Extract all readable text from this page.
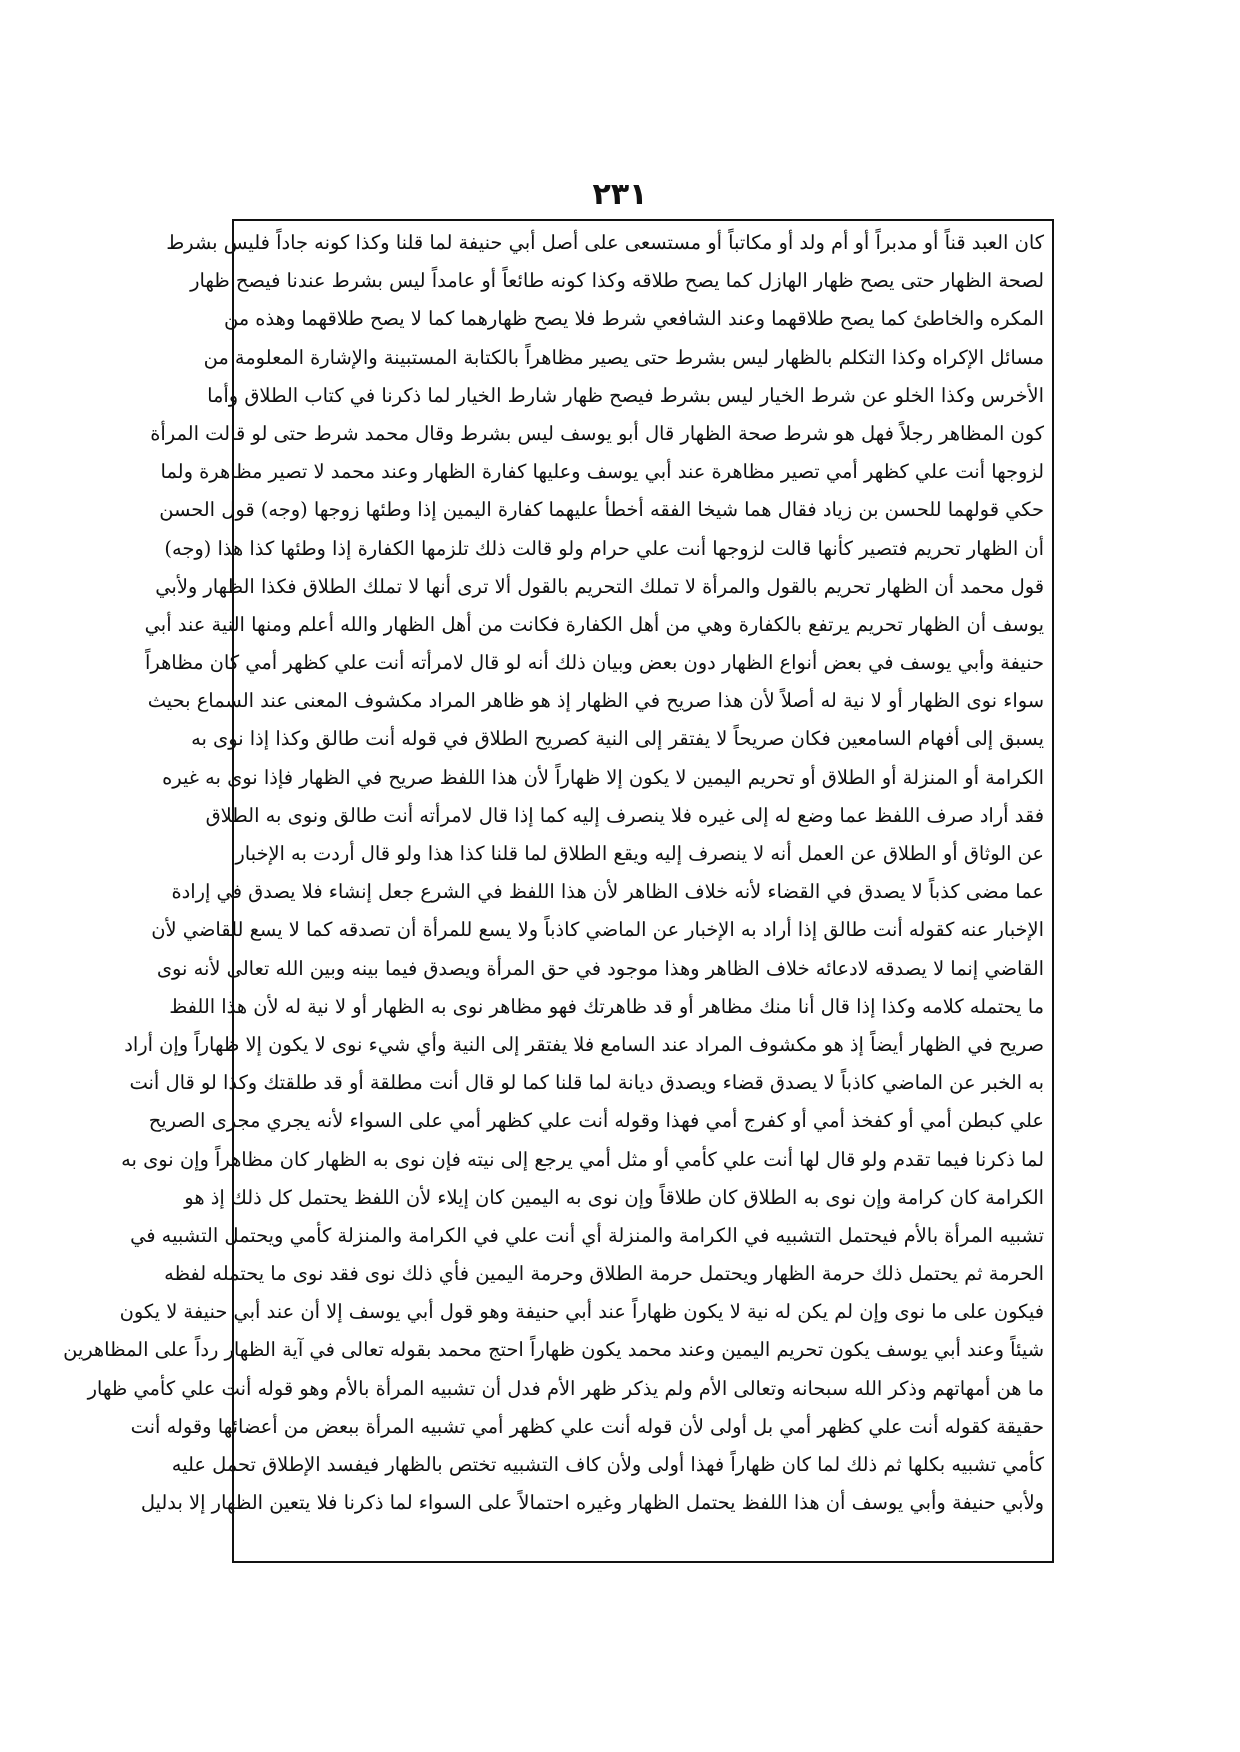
٢٣١
كان العبد قناً أو مدبراً أو أم ولد أو مكاتباً أو مستسعى على أصل أبي حنيفة لما قلنا وكذا كونه جاداً فليس بشرط
لصحة الظهار حتى يصح ظهار الهازل كما يصح طلاقه وكذا كونه طائعاً أو عامداً ليس بشرط عندنا فيصح ظهار
المكره والخاطئ كما يصح طلاقهما وعند الشافعي شرط فلا يصح ظهارهما كما لا يصح طلاقهما وهذه من
مسائل الإكراه وكذا التكلم بالظهار ليس بشرط حتى يصير مظاهراً بالكتابة المستبينة والإشارة المعلومة من
الأخرس وكذا الخلو عن شرط الخيار ليس بشرط فيصح ظهار شارط الخيار لما ذكرنا في كتاب الطلاق وأما
كون المظاهر رجلاً فهل هو شرط صحة الظهار قال أبو يوسف ليس بشرط وقال محمد شرط حتى لو قالت المرأة
لزوجها أنت علي كظهر أمي تصير مظاهرة عند أبي يوسف وعليها كفارة الظهار وعند محمد لا تصير مظاهرة ولما
حكي قولهما للحسن بن زياد فقال هما شيخا الفقه أخطأ عليهما كفارة اليمين إذا وطئها زوجها (وجه) قول الحسن
أن الظهار تحريم فتصير كأنها قالت لزوجها أنت علي حرام ولو قالت ذلك تلزمها الكفارة إذا وطئها كذا هذا (وجه)
قول محمد أن الظهار تحريم بالقول والمرأة لا تملك التحريم بالقول ألا ترى أنها لا تملك الطلاق فكذا الظهار ولأبي
يوسف أن الظهار تحريم يرتفع بالكفارة وهي من أهل الكفارة فكانت من أهل الظهار والله أعلم ومنها النية عند أبي
حنيفة وأبي يوسف في بعض أنواع الظهار دون بعض وبيان ذلك أنه لو قال لامرأته أنت علي كظهر أمي كان مظاهراً
سواء نوى الظهار أو لا نية له أصلاً لأن هذا صريح في الظهار إذ هو ظاهر المراد مكشوف المعنى عند السماع بحيث
يسبق إلى أفهام السامعين فكان صريحاً لا يفتقر إلى النية كصريح الطلاق في قوله أنت طالق وكذا إذا نوى به
الكرامة أو المنزلة أو الطلاق أو تحريم اليمين لا يكون إلا ظهاراً لأن هذا اللفظ صريح في الظهار فإذا نوى به غيره
فقد أراد صرف اللفظ عما وضع له إلى غيره فلا ينصرف إليه كما إذا قال لامرأته أنت طالق ونوى به الطلاق
عن الوثاق أو الطلاق عن العمل أنه لا ينصرف إليه ويقع الطلاق لما قلنا كذا هذا ولو قال أردت به الإخبار
عما مضى كذباً لا يصدق في القضاء لأنه خلاف الظاهر لأن هذا اللفظ في الشرع جعل إنشاء فلا يصدق في إرادة
الإخبار عنه كقوله أنت طالق إذا أراد به الإخبار عن الماضي كاذباً ولا يسع للمرأة أن تصدقه كما لا يسع للقاضي لأن
القاضي إنما لا يصدقه لادعائه خلاف الظاهر وهذا موجود في حق المرأة ويصدق فيما بينه وبين الله تعالى لأنه نوى
ما يحتمله كلامه وكذا إذا قال أنا منك مظاهر أو قد ظاهرتك فهو مظاهر نوى به الظهار أو لا نية له لأن هذا اللفظ
صريح في الظهار أيضاً إذ هو مكشوف المراد عند السامع فلا يفتقر إلى النية وأي شيء نوى لا يكون إلا ظهاراً وإن أراد
به الخبر عن الماضي كاذباً لا يصدق قضاء ويصدق ديانة لما قلنا كما لو قال أنت مطلقة أو قد طلقتك وكذا لو قال أنت
علي كبطن أمي أو كفخذ أمي أو كفرج أمي فهذا وقوله أنت علي كظهر أمي على السواء لأنه يجري مجرى الصريح
لما ذكرنا فيما تقدم ولو قال لها أنت علي كأمي أو مثل أمي يرجع إلى نيته فإن نوى به الظهار كان مظاهراً وإن نوى به
الكرامة كان كرامة وإن نوى به الطلاق كان طلاقاً وإن نوى به اليمين كان إيلاء لأن اللفظ يحتمل كل ذلك إذ هو
تشبيه المرأة بالأم فيحتمل التشبيه في الكرامة والمنزلة أي أنت علي في الكرامة والمنزلة كأمي ويحتمل التشبيه في
الحرمة ثم يحتمل ذلك حرمة الظهار ويحتمل حرمة الطلاق وحرمة اليمين فأي ذلك نوى فقد نوى ما يحتمله لفظه
فيكون على ما نوى وإن لم يكن له نية لا يكون ظهاراً عند أبي حنيفة وهو قول أبي يوسف إلا أن عند أبي حنيفة لا يكون
شيئاً وعند أبي يوسف يكون تحريم اليمين وعند محمد يكون ظهاراً احتج محمد بقوله تعالى في آية الظهار رداً على المظاهرين
ما هن أمهاتهم وذكر الله سبحانه وتعالى الأم ولم يذكر ظهر الأم فدل أن تشبيه المرأة بالأم وهو قوله أنت علي كأمي ظهار
حقيقة كقوله أنت علي كظهر أمي بل أولى لأن قوله أنت علي كظهر أمي تشبيه المرأة ببعض من أعضائها وقوله أنت
كأمي تشبيه بكلها ثم ذلك لما كان ظهاراً فهذا أولى ولأن كاف التشبيه تختص بالظهار فيفسد الإطلاق تحمل عليه
ولأبي حنيفة وأبي يوسف أن هذا اللفظ يحتمل الظهار وغيره احتمالاً على السواء لما ذكرنا فلا يتعين الظهار إلا بدليل
